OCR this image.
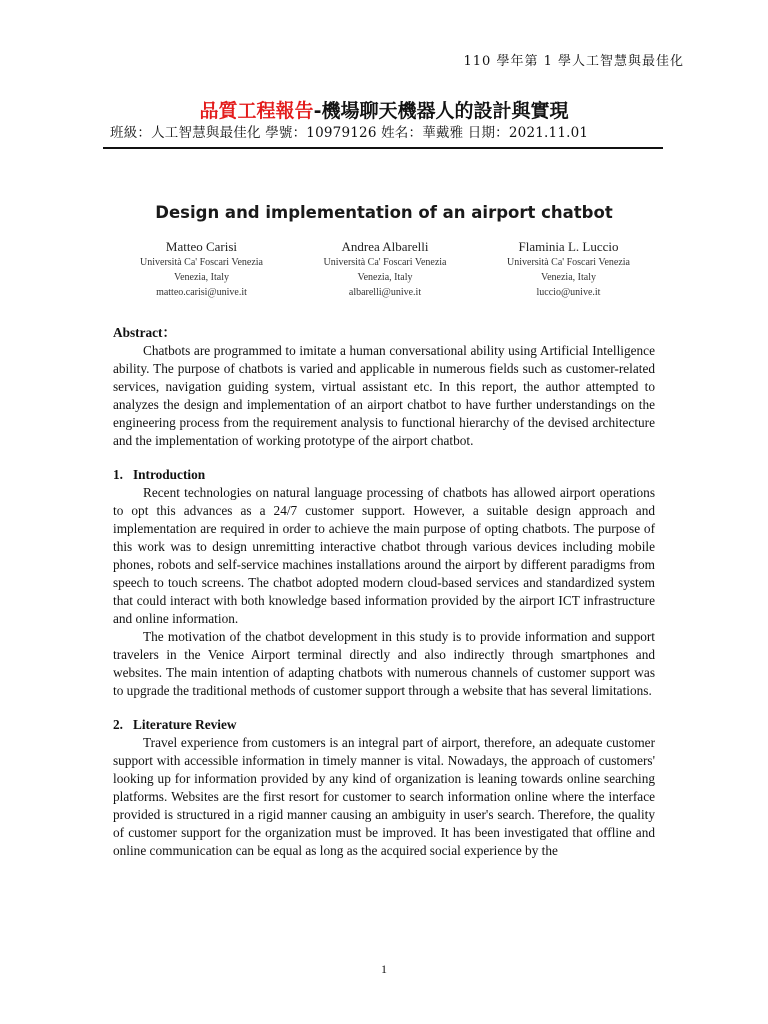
110 學年第 1 學人工智慧與最佳化
品質工程報告-機場聊天機器人的設計與實現
班級：人工智慧與最佳化 學號：10979126 姓名：華戴雅 日期：2021.11.01
Design and implementation of an airport chatbot
Matteo Carisi
Università Ca' Foscari Venezia
Venezia, Italy
matteo.carisi@unive.it
Andrea Albarelli
Università Ca' Foscari Venezia
Venezia, Italy
albarelli@unive.it
Flaminia L. Luccio
Università Ca' Foscari Venezia
Venezia, Italy
luccio@unive.it
Abstract：

Chatbots are programmed to imitate a human conversational ability using Artificial Intelligence ability. The purpose of chatbots is varied and applicable in numerous fields such as customer-related services, navigation guiding system, virtual assistant etc. In this report, the author attempted to analyzes the design and implementation of an airport chatbot to have further understandings on the engineering process from the requirement analysis to functional hierarchy of the devised architecture and the implementation of working prototype of the airport chatbot.

1.   Introduction

Recent technologies on natural language processing of chatbots has allowed airport operations to opt this advances as a 24/7 customer support. However, a suitable design approach and implementation are required in order to achieve the main purpose of opting chatbots. The purpose of this work was to design unremitting interactive chatbot through various devices including mobile phones, robots and self-service machines installations around the airport by different paradigms from speech to touch screens. The chatbot adopted modern cloud-based services and standardized system that could interact with both knowledge based information provided by the airport ICT infrastructure and online information.

The motivation of the chatbot development in this study is to provide information and support travelers in the Venice Airport terminal directly and also indirectly through smartphones and websites. The main intention of adapting chatbots with numerous channels of customer support was to upgrade the traditional methods of customer support through a website that has several limitations.

2.   Literature Review

Travel experience from customers is an integral part of airport, therefore, an adequate customer support with accessible information in timely manner is vital. Nowadays, the approach of customers' looking up for information provided by any kind of organization is leaning towards online searching platforms. Websites are the first resort for customer to search information online where the interface provided is structured in a rigid manner causing an ambiguity in user's search. Therefore, the quality of customer support for the organization must be improved. It has been investigated that offline and online communication can be equal as long as the acquired social experience by the

1
